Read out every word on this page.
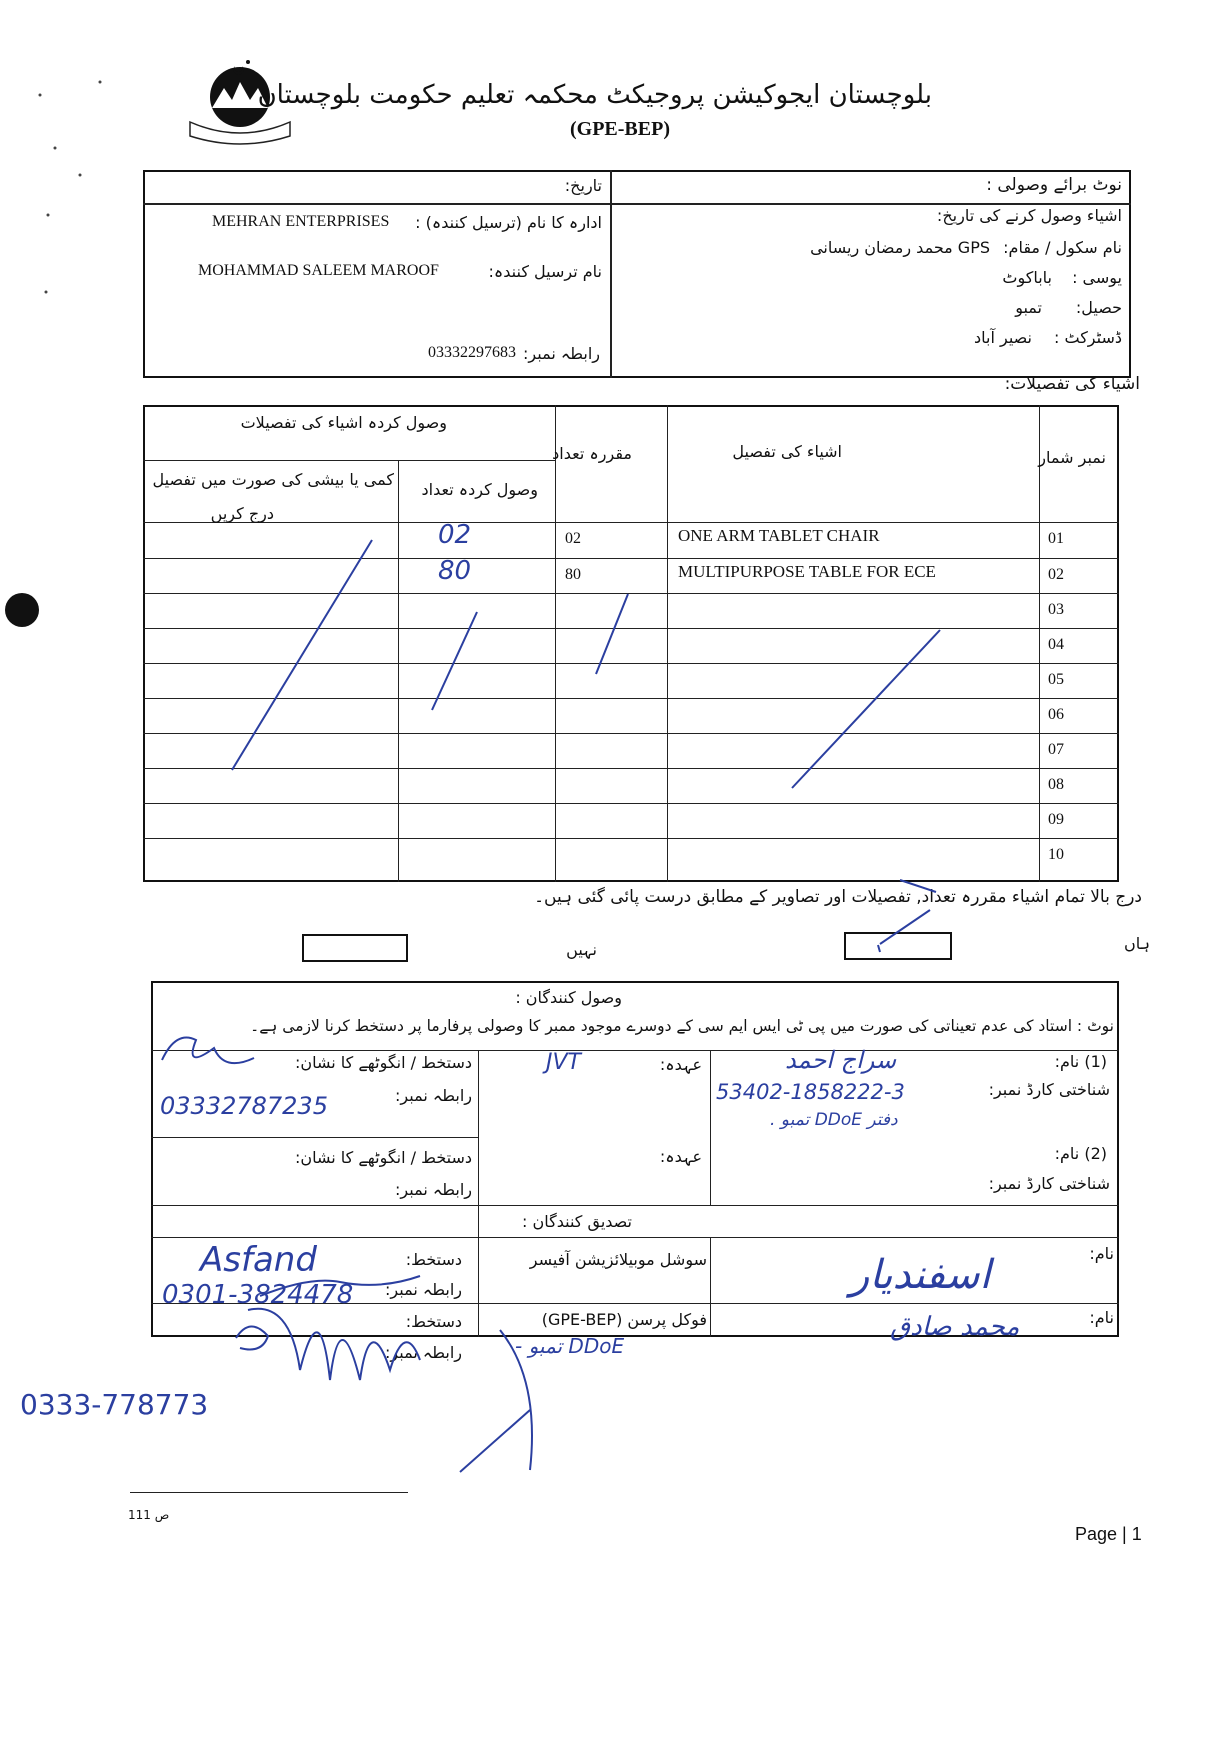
بلوچستان ایجوکیشن پروجیکٹ محکمہ تعلیم حکومت بلوچستان
(GPE-BEP)
نوٹ برائے وصولی :
تاریخ:
اشیاء وصول کرنے کی تاریخ:
نام سکول / مقام:
GPS محمد رمضان ریسانی
یوسی :
باباکوٹ
حصیل:
تمبو
ڈسٹرکٹ :
نصیر آباد
ادارہ کا نام (ترسیل کنندہ) :
MEHRAN ENTERPRISES
نام ترسیل کنندہ:
MOHAMMAD SALEEM MAROOF
رابطہ نمبر:
03332297683
اشیاء کی تفصیلات:
نمبر شمار
اشیاء کی تفصیل
مقررہ تعداد
وصول کردہ اشیاء کی تفصیلات
وصول کردہ تعداد
کمی یا بیشی کی صورت میں تفصیل
درج کریں
01
ONE ARM TABLET CHAIR
02
02
02
MULTIPURPOSE TABLE FOR ECE
80
80
03
04
05
06
07
08
09
10
درج بالا تمام اشیاء مقررہ تعداد, تفصیلات اور تصاویر کے مطابق درست پائی گئی ہیں۔
ہاں
نہیں
وصول کنندگان :
نوٹ : استاد کی عدم تعیناتی کی صورت میں پی ٹی ایس ایم سی کے دوسرے موجود ممبر کا وصولی پرفارما پر دستخط کرنا لازمی ہے۔
(1) نام:
شناختی کارڈ نمبر:
(2) نام:
شناختی کارڈ نمبر:
عہدہ:
عہدہ:
دستخط / انگوٹھے کا نشان:
رابطہ نمبر:
دستخط / انگوٹھے کا نشان:
رابطہ نمبر:
سراج احمد
53402-1858222-3
دفتر DDoE تمبو .
JVT
03332787235
تصدیق کنندگان :
نام:
نام:
سوشل موبیلائزیشن آفیسر
فوکل پرسن (GPE-BEP)
دستخط:
رابطہ نمبر:
دستخط:
رابطہ نمبر:
اسفندیار
محمد صادق
Asfand
0301-3824478
- تمبو DDoE
0333-778773
ص 111
Page | 1
